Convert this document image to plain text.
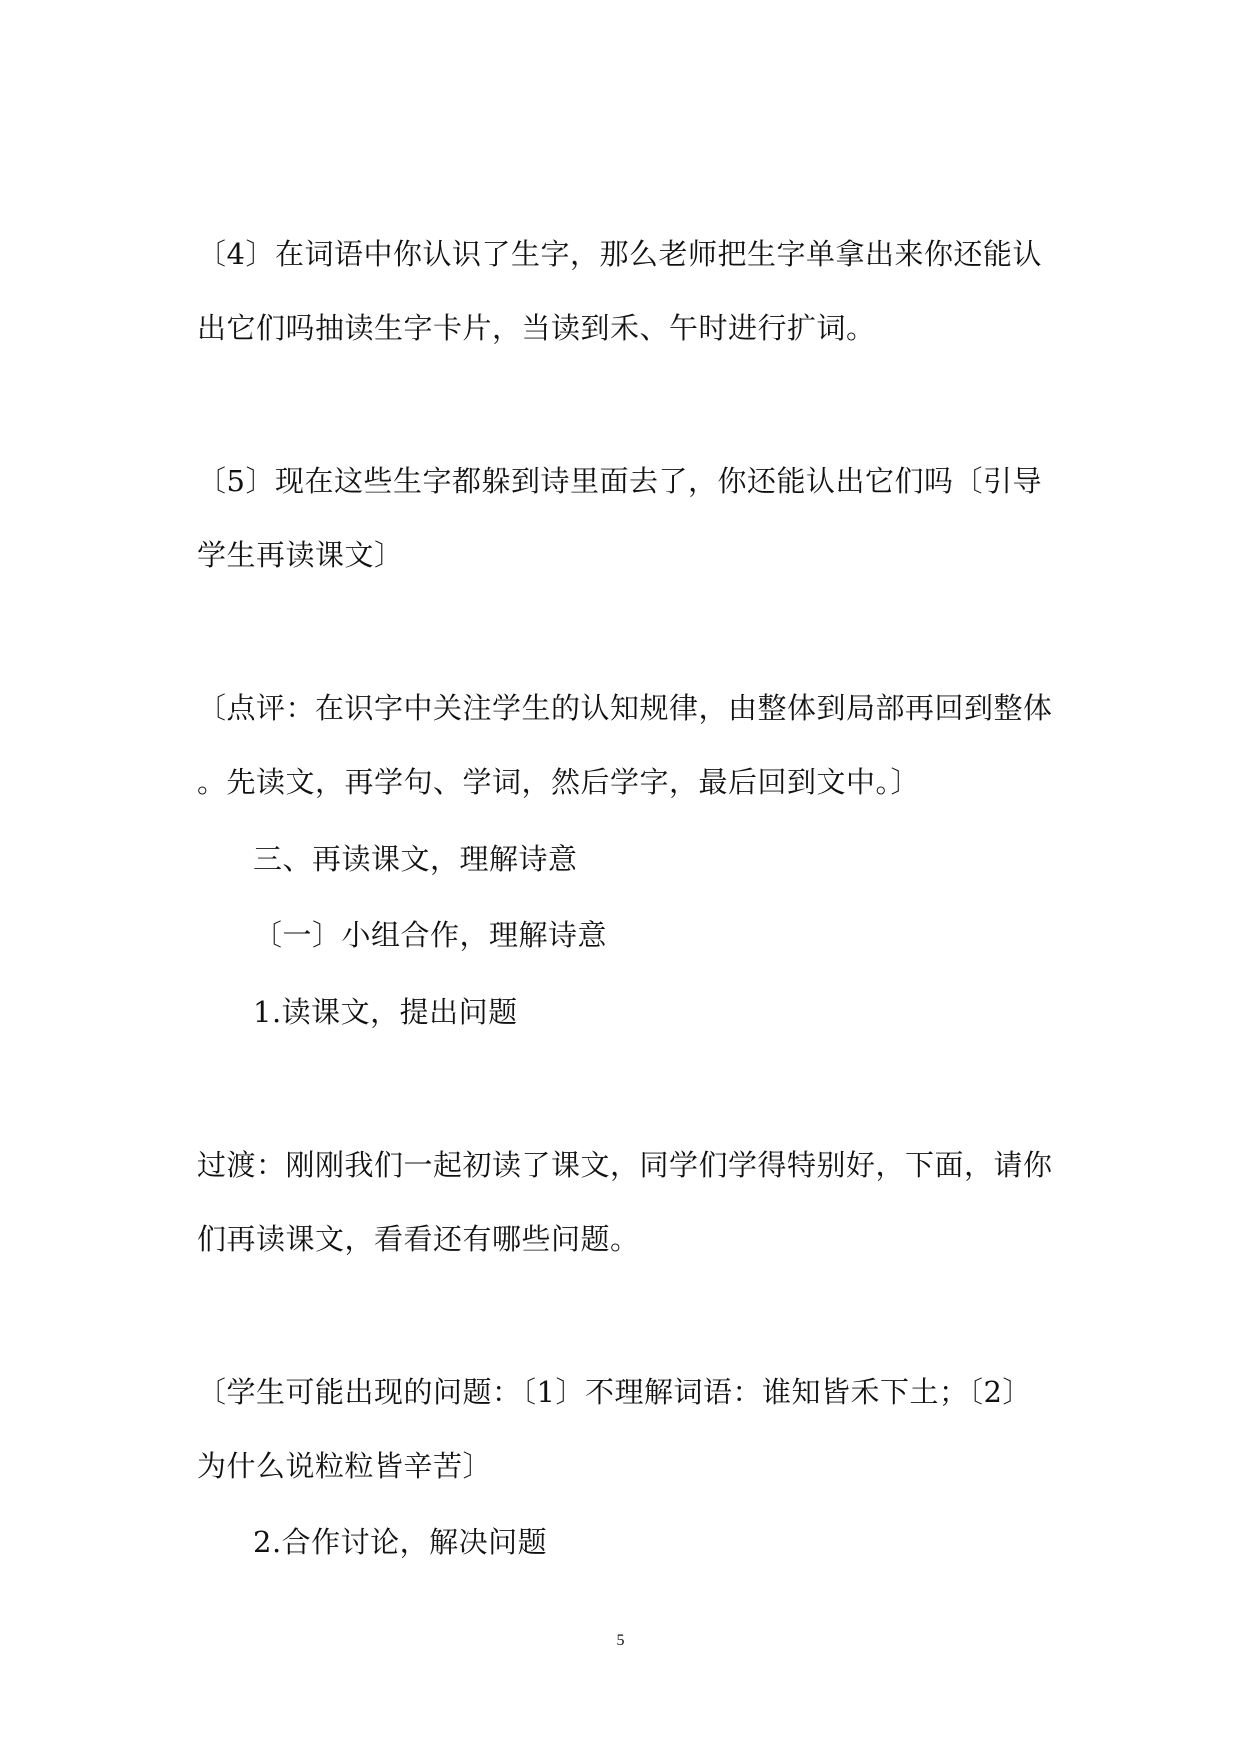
〔4〕在词语中你认识了生字，那么老师把生字单拿出来你还能认
出它们吗抽读生字卡片，当读到禾、午时进行扩词。
〔5〕现在这些生字都躲到诗里面去了，你还能认出它们吗〔引导
学生再读课文〕
〔点评：在识字中关注学生的认知规律，由整体到局部再回到整体
。先读文，再学句、学词，然后学字，最后回到文中。〕
三、再读课文，理解诗意
〔一〕小组合作，理解诗意
1.读课文，提出问题
过渡：刚刚我们一起初读了课文，同学们学得特别好，下面，请你
们再读课文，看看还有哪些问题。
〔学生可能出现的问题：〔1〕不理解词语：谁知皆禾下土；〔2〕
为什么说粒粒皆辛苦〕
2.合作讨论，解决问题
5
